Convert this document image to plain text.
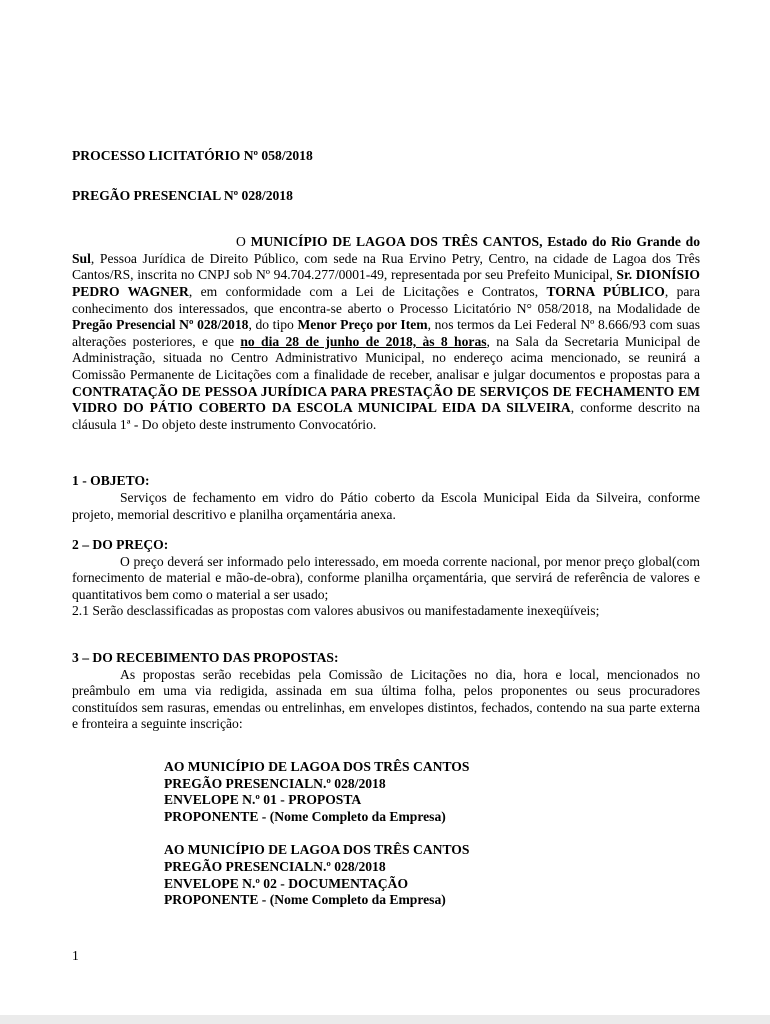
PROCESSO LICITATÓRIO Nº 058/2018

PREGÃO PRESENCIAL Nº 028/2018

O MUNICÍPIO DE LAGOA DOS TRÊS CANTOS, Estado do Rio Grande do Sul, Pessoa Jurídica de Direito Público, com sede na Rua Ervino Petry, Centro, na cidade de Lagoa dos Três Cantos/RS, inscrita no CNPJ sob Nº 94.704.277/0001-49, representada por seu Prefeito Municipal, Sr. DIONÍSIO PEDRO WAGNER, em conformidade com a Lei de Licitações e Contratos, TORNA PÚBLICO, para conhecimento dos interessados, que encontra-se aberto o Processo Licitatório N° 058/2018, na Modalidade de Pregão Presencial Nº 028/2018, do tipo Menor Preço por Item, nos termos da Lei Federal Nº 8.666/93 com suas alterações posteriores, e que no dia 28 de junho de 2018, às 8 horas, na Sala da Secretaria Municipal de Administração, situada no Centro Administrativo Municipal, no endereço acima mencionado, se reunirá a Comissão Permanente de Licitações com a finalidade de receber, analisar e julgar documentos e propostas para a CONTRATAÇÃO DE PESSOA JURÍDICA PARA PRESTAÇÃO DE SERVIÇOS DE FECHAMENTO EM VIDRO DO PÁTIO COBERTO DA ESCOLA MUNICIPAL EIDA DA SILVEIRA, conforme descrito na cláusula 1ª - Do objeto deste instrumento Convocatório.

1 - OBJETO:

Serviços de fechamento em vidro do Pátio coberto da Escola Municipal Eida da Silveira, conforme projeto, memorial descritivo e planilha orçamentária anexa.

2 – DO PREÇO:

O preço deverá ser informado pelo interessado, em moeda corrente nacional, por menor preço global(com fornecimento de material e mão-de-obra), conforme planilha orçamentária, que servirá de referência de valores e quantitativos bem como o material a ser usado;

2.1 Serão desclassificadas as propostas com valores abusivos ou manifestadamente inexeqüíveis;

3 – DO RECEBIMENTO DAS PROPOSTAS:

As propostas serão recebidas pela Comissão de Licitações no dia, hora e local, mencionados no preâmbulo em uma via redigida, assinada em sua última folha, pelos proponentes ou seus procuradores constituídos sem rasuras, emendas ou entrelinhas, em envelopes distintos, fechados, contendo na sua parte externa e fronteira a seguinte inscrição:

AO MUNICÍPIO DE LAGOA DOS TRÊS CANTOS

PREGÃO PRESENCIALN.º 028/2018

ENVELOPE N.º 01 - PROPOSTA

PROPONENTE - (Nome Completo da Empresa)

AO MUNICÍPIO DE LAGOA DOS TRÊS CANTOS

PREGÃO PRESENCIALN.º 028/2018

ENVELOPE N.º 02 - DOCUMENTAÇÃO

PROPONENTE - (Nome Completo da Empresa)

1
